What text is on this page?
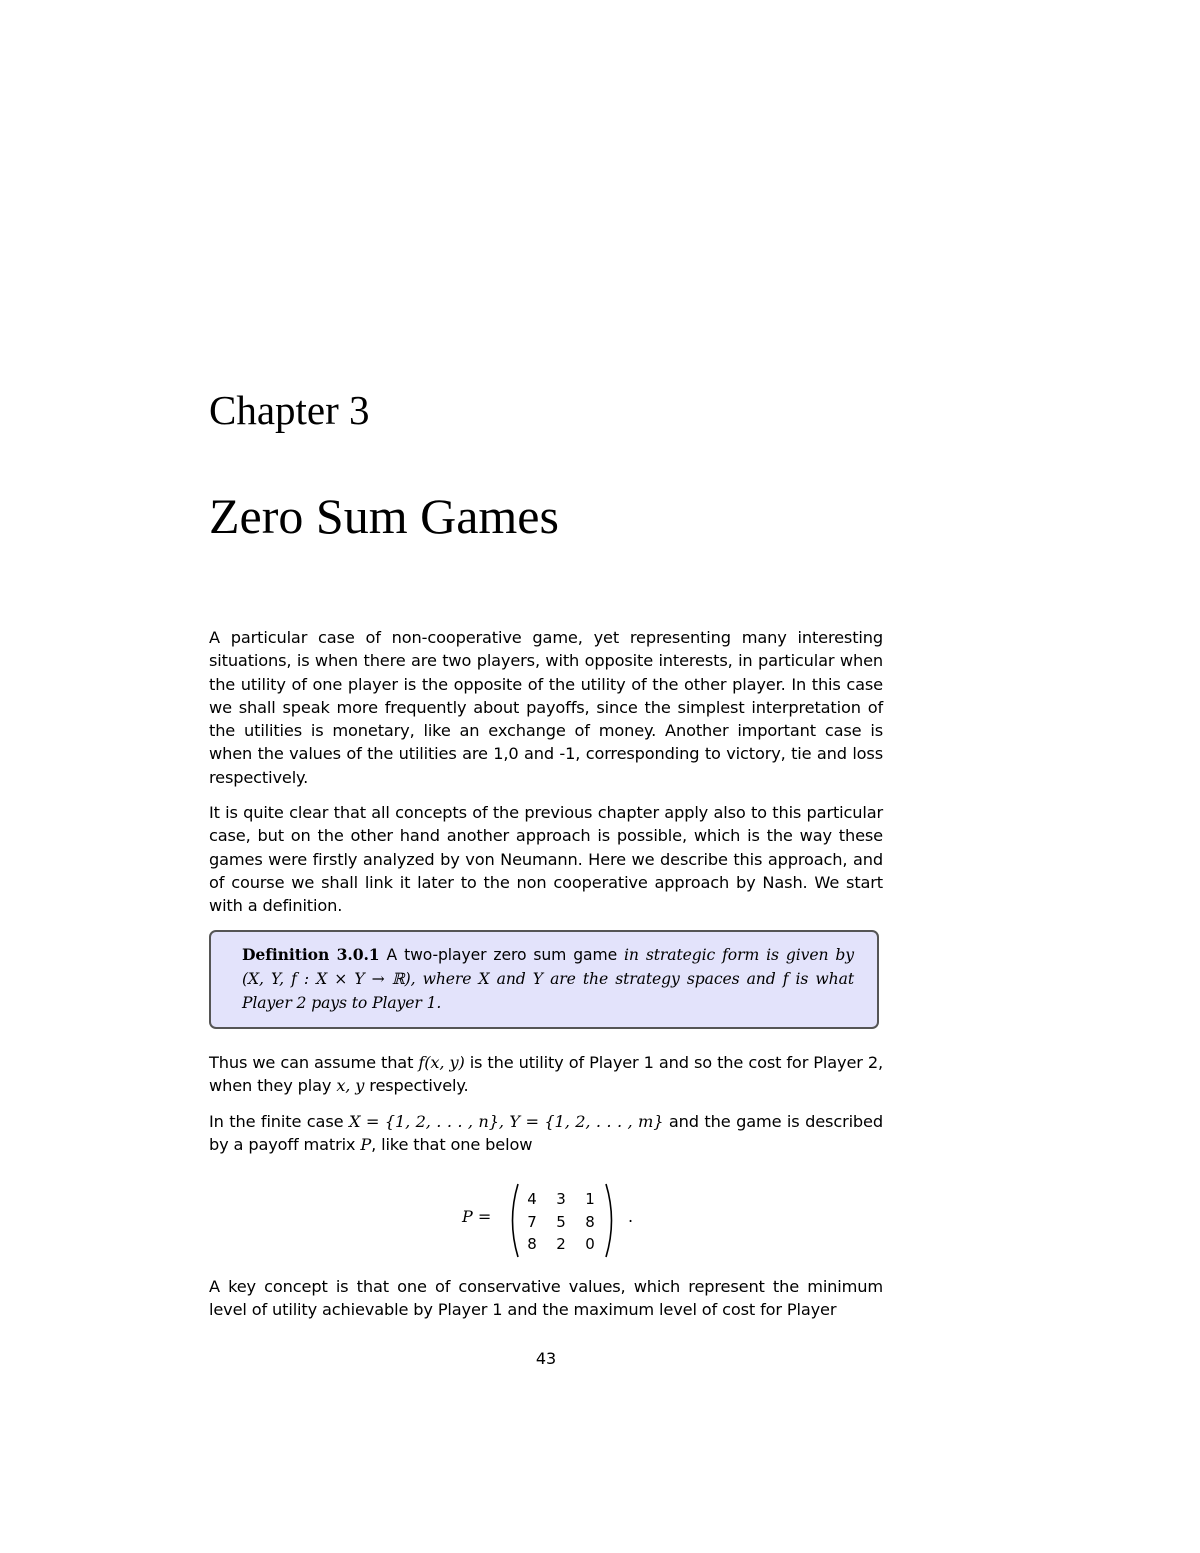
Chapter 3
Zero Sum Games

A particular case of non-cooperative game, yet representing many interesting situations, is when there are two players, with opposite interests, in particular when the utility of one player is the opposite of the utility of the other player. In this case we shall speak more frequently about payoffs, since the simplest interpretation of the utilities is monetary, like an exchange of money. Another important case is when the values of the utilities are 1,0 and -1, corresponding to victory, tie and loss respectively.

It is quite clear that all concepts of the previous chapter apply also to this particular case, but on the other hand another approach is possible, which is the way these games were firstly analyzed by von Neumann. Here we describe this approach, and of course we shall link it later to the non cooperative approach by Nash. We start with a definition.

Definition 3.0.1 A two-player zero sum game in strategic form is given by (X, Y, f : X × Y → ℝ), where X and Y are the strategy spaces and f is what Player 2 pays to Player 1.

Thus we can assume that f(x, y) is the utility of Player 1 and so the cost for Player 2, when they play x, y respectively.

In the finite case X = {1, 2, . . . , n}, Y = {1, 2, . . . , m} and the game is described by a payoff matrix P, like that one below

P =
4	3	1
7	5	8
8	2	0
.

A key concept is that one of conservative values, which represent the minimum level of utility achievable by Player 1 and the maximum level of cost for Player

43
